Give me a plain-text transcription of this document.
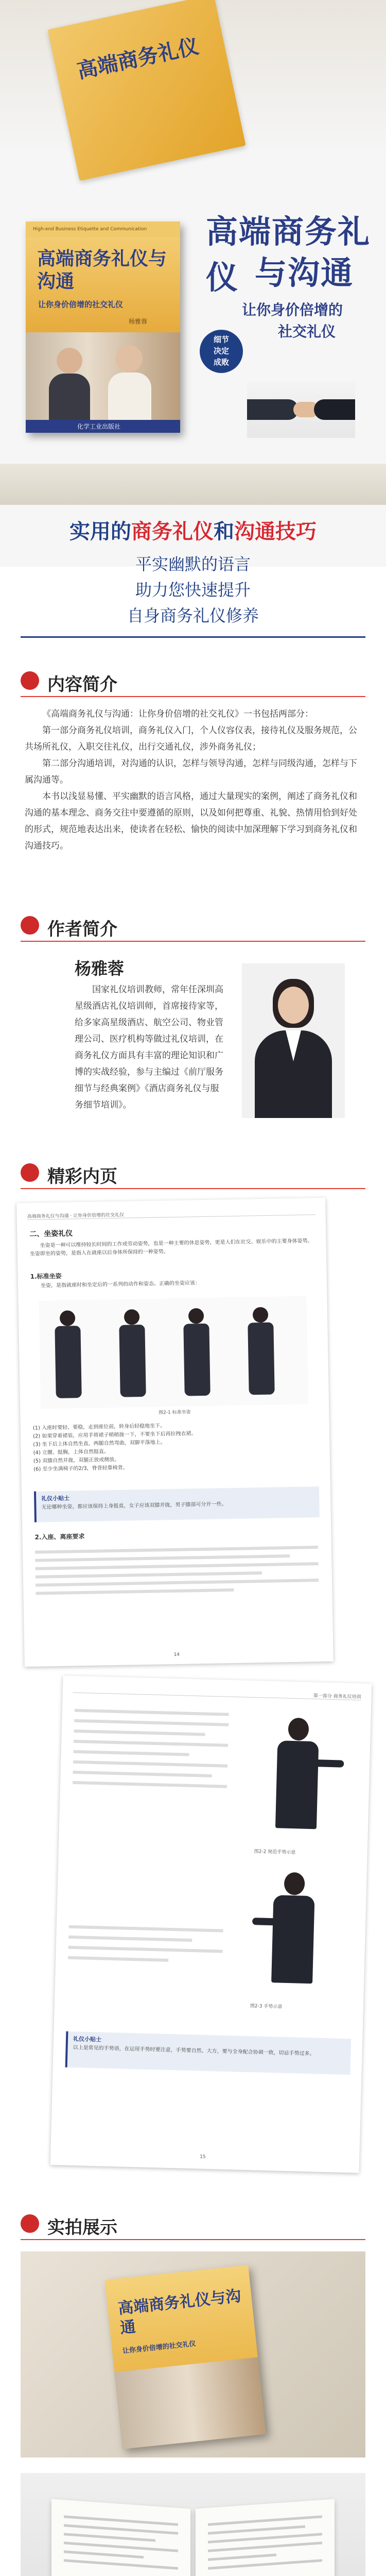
高端商务礼仪
High-end Business Etiquette and Communication
高端商务礼仪与沟通
让你身价倍增的社交礼仪
杨雅蓉
化学工业出版社
高端商务礼仪 与沟通
让你身价倍增的
社交礼仪
细节
决定
成败
实用的商务礼仪和沟通技巧
平实幽默的语言
助力您快速提升
自身商务礼仪修养
内容简介
《高端商务礼仪与沟通：让你身价倍增的社交礼仪》一书包括两部分：
第一部分商务礼仪培训，商务礼仪入门，个人仪容仪表，接待礼仪及服务规范，公共场所礼仪，入职交往礼仪，出行交通礼仪，涉外商务礼仪；
第二部分沟通培训，对沟通的认识，怎样与领导沟通，怎样与同级沟通，怎样与下属沟通等。
本书以浅显易懂、平实幽默的语言风格，通过大量现实的案例，阐述了商务礼仪和沟通的基本理念、商务交往中要遵循的原则，以及如何把尊重、礼貌、热情用恰到好处的形式，规范地表达出来，使读者在轻松、愉快的阅读中加深理解下学习到商务礼仪和沟通技巧。
作者简介
杨雅蓉
国家礼仪培训教师，常年任深圳高星级酒店礼仪培训师，首席接待家等，给多家高星级酒店、航空公司、物业管理公司、医疗机构等做过礼仪培训，在商务礼仪方面具有丰富的理论知识和广博的实战经验，参与主编过《前厅服务细节与经典案例》《酒店商务礼仪与服务细节培训》。
精彩内页
高端商务礼仪与沟通 · 让你身价倍增的社交礼仪
二、坐姿礼仪
坐姿是一种可以维持较长时间的工作或劳动姿势，也是一种主要的休息姿势，更是人们在社交、娱乐中的主要身体姿势。坐姿即坐的姿势，是指人在就座以后身体所保持的一种姿势。
1.标准坐姿
坐姿，是指就座时和坐定后的一系列的动作和姿态。正确的坐姿应该：
图2-1 标准坐姿
(1) 入座时要轻、要稳，走到座位前，转身后轻稳地坐下。
(2) 如果穿着裙装，应用手将裙子稍稍拢一下，不要坐下后再拉拽衣裙。
(3) 坐下后上体自然坐直，两腿自然弯曲，双脚平落地上。
(4) 立腰、挺胸，上体自然挺直。
(5) 双膝自然并拢，双腿正放或侧放。
(6) 至少坐满椅子的2/3，脊背轻靠椅背。
礼仪小贴士
无论哪种坐姿，都应该保持上身挺直，女子应该双膝并拢，男子膝部可分开一些。
2.入座、离座要求
14
第一部分 商务礼仪培训
图2-2 规范手势示意
图2-3 手势示意
礼仪小贴士
以上是常见的手势语，在运用手势时要注意，手势要自然、大方，要与全身配合协调一致，切忌手势过多。
15
实拍展示
高端商务礼仪与沟通
让你身价倍增的社交礼仪
